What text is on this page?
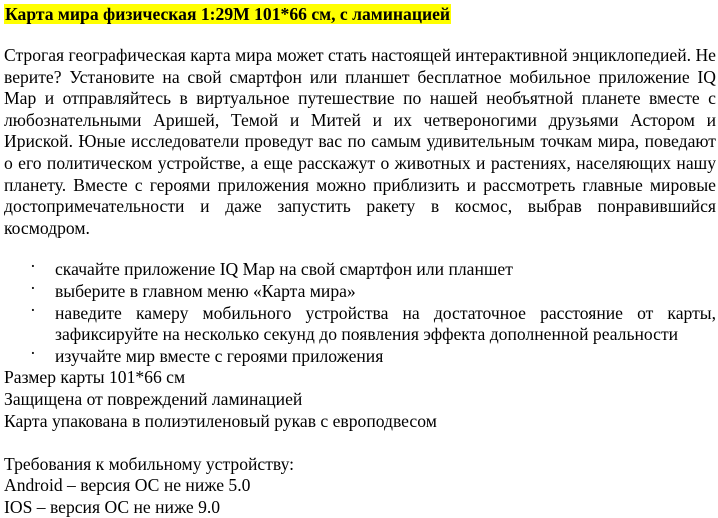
Карта мира физическая 1:29М 101*66 см, с ламинацией
Строгая географическая карта мира может стать настоящей интерактивной энциклопедией. Не верите? Установите на свой смартфон или планшет бесплатное мобильное приложение IQ Map и отправляйтесь в виртуальное путешествие по нашей необъятной планете вместе с любознательными Аришей, Темой и Митей и их четвероногими друзьями Астором и Ириской. Юные исследователи проведут вас по самым удивительным точкам мира, поведают о его политическом устройстве, а еще расскажут о животных и растениях, населяющих нашу планету. Вместе с героями приложения можно приблизить и рассмотреть главные мировые достопримечательности и даже запустить ракету в космос, выбрав понравившийся космодром.
· скачайте приложение IQ Map на свой смартфон или планшет
· выберите в главном меню «Карта мира»
· наведите камеру мобильного устройства на достаточное расстояние от карты, зафиксируйте на несколько секунд до появления эффекта дополненной реальности
· изучайте мир вместе с героями приложения

Размер карты 101*66 см

Защищена от повреждений ламинацией

Карта упакована в полиэтиленовый рукав с европодвесом

Требования к мобильному устройству:

Android – версия ОС не ниже 5.0

IOS – версия ОС не ниже 9.0
